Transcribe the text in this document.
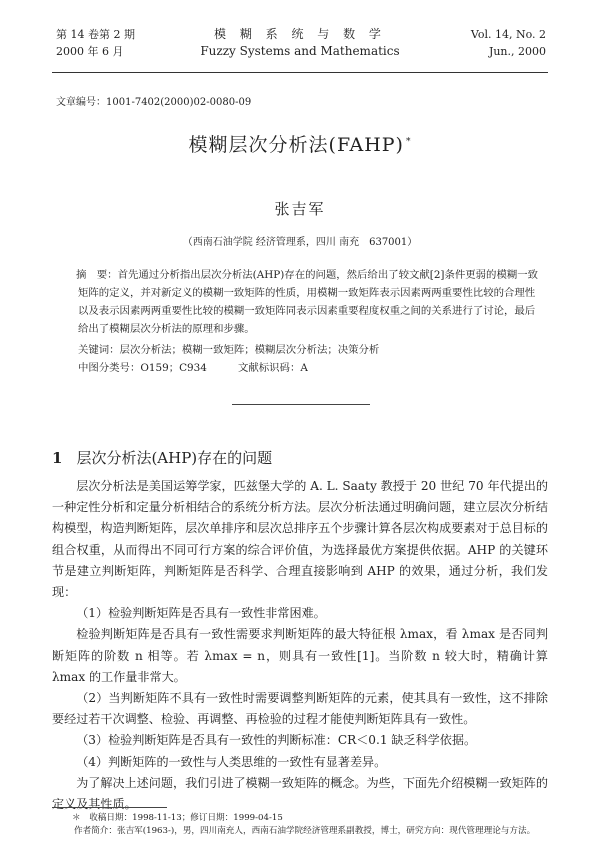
第 14 卷第 2 期
2000 年 6 月
模 糊 系 统 与 数 学
Fuzzy Systems and Mathematics
Vol. 14, No. 2
Jun., 2000
文章编号：1001-7402(2000)02-0080-09
模糊层次分析法(FAHP) *
张吉军
（西南石油学院 经济管理系，四川 南充　637001）

摘　要：首先通过分析指出层次分析法(AHP)存在的问题，然后给出了较文献[2]条件更弱的模糊一致矩阵的定义，并对新定义的模糊一致矩阵的性质，用模糊一致矩阵表示因素两两重要性比较的合理性以及表示因素两两重要性比较的模糊一致矩阵同表示因素重要程度权重之间的关系进行了讨论，最后给出了模糊层次分析法的原理和步骤。

关键词：层次分析法；模糊一致矩阵；模糊层次分析法；决策分析
中图分类号：O159；C934	文献标识码：A
1 层次分析法(AHP)存在的问题

层次分析法是美国运筹学家，匹兹堡大学的 A. L. Saaty 教授于 20 世纪 70 年代提出的一种定性分析和定量分析相结合的系统分析方法。层次分析法通过明确问题，建立层次分析结构模型，构造判断矩阵，层次单排序和层次总排序五个步骤计算各层次构成要素对于总目标的组合权重，从而得出不同可行方案的综合评价值，为选择最优方案提供依据。AHP 的关键环节是建立判断矩阵，判断矩阵是否科学、合理直接影响到 AHP 的效果，通过分析，我们发现：

（1）检验判断矩阵是否具有一致性非常困难。

检验判断矩阵是否具有一致性需要求判断矩阵的最大特征根 λmax，看 λmax 是否同判断矩阵的阶数 n 相等。若 λmax = n，则具有一致性[1]。当阶数 n 较大时，精确计算 λmax 的工作量非常大。

（2）当判断矩阵不具有一致性时需要调整判断矩阵的元素，使其具有一致性，这不排除要经过若干次调整、检验、再调整、再检验的过程才能使判断矩阵具有一致性。

（3）检验判断矩阵是否具有一致性的判断标准：CR＜0.1 缺乏科学依据。

（4）判断矩阵的一致性与人类思维的一致性有显著差异。

为了解决上述问题，我们引进了模糊一致矩阵的概念。为些，下面先介绍模糊一致矩阵的定义及其性质。

＊　收稿日期：1998-11-13；修订日期：1999-04-15

作者简介：张吉军(1963-)，男，四川南充人，西南石油学院经济管理系副教授，博士，研究方向：现代管理理论与方法。
